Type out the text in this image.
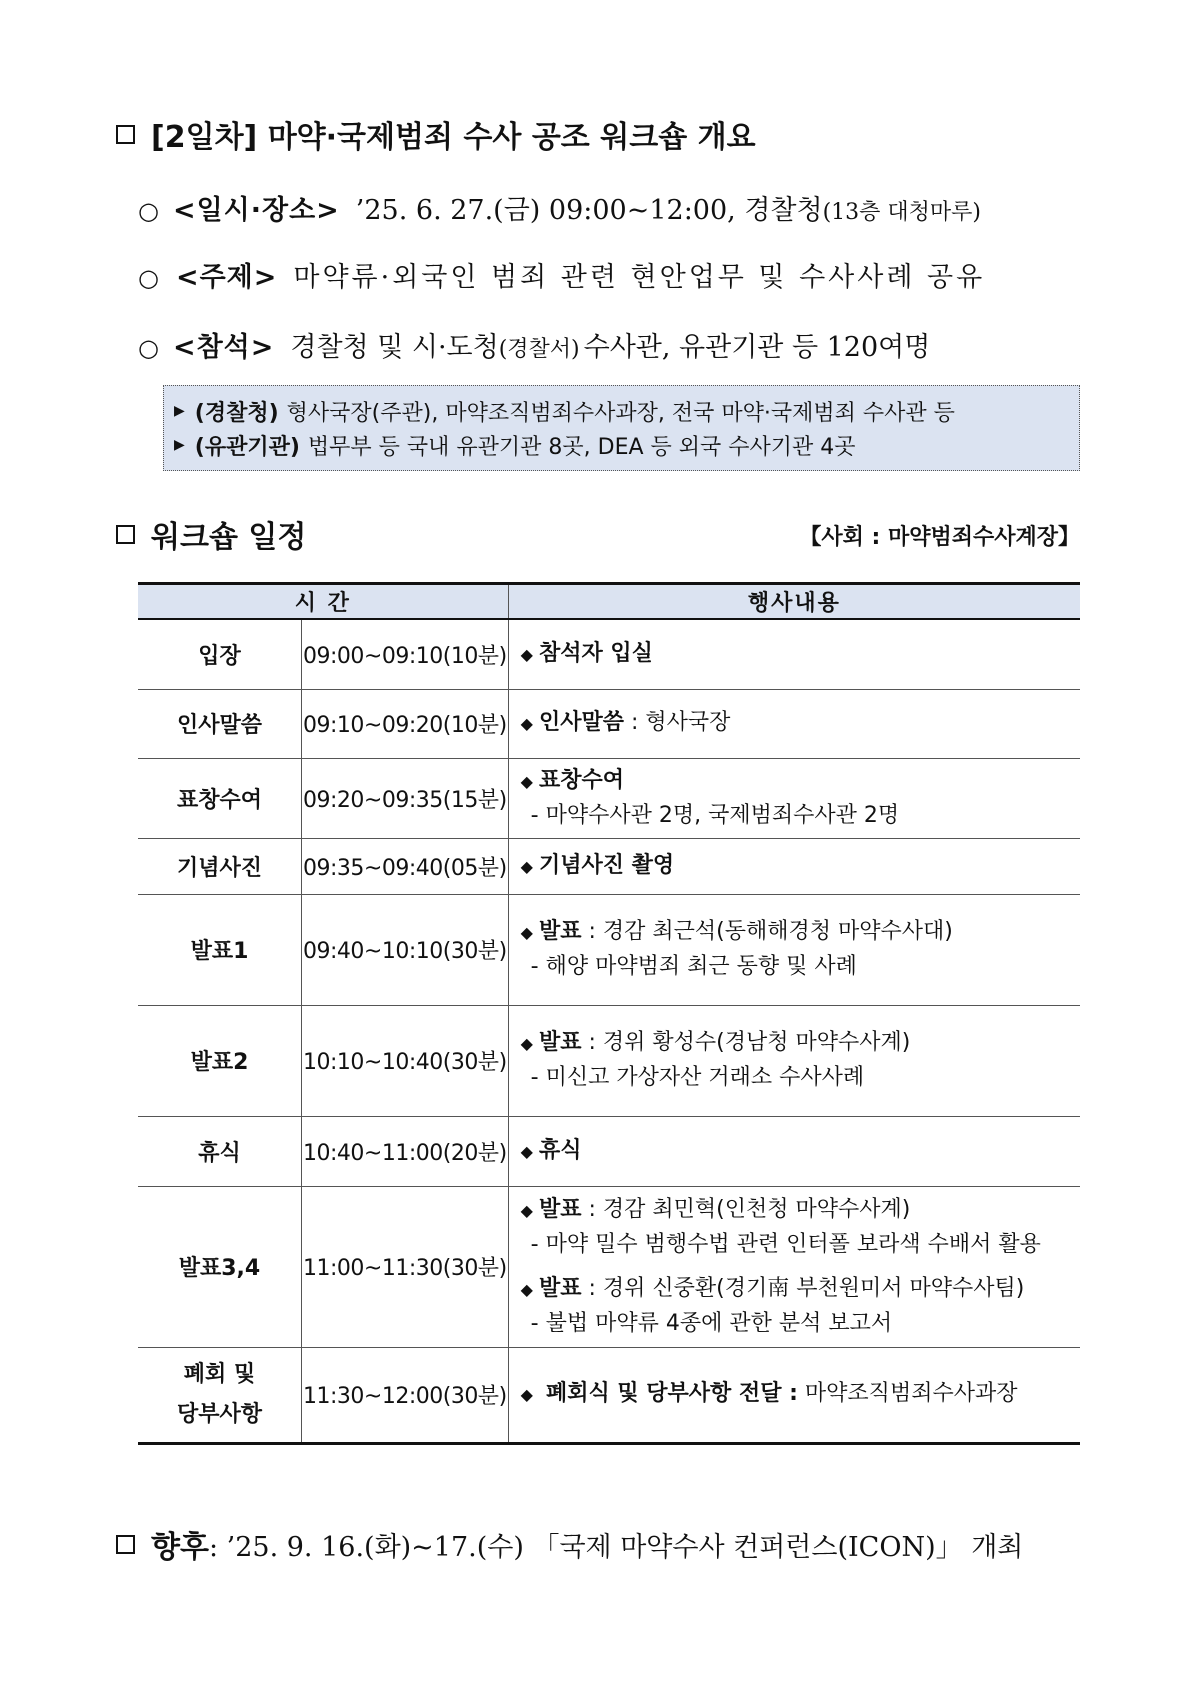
[2일차] 마약·국제범죄 수사 공조 워크숍 개요
○ <일시·장소> ’25. 6. 27.(금) 09:00~12:00, 경찰청 (13층 대청마루)
○ <주제> 마약류·외국인 범죄 관련 현안업무 및 수사사례 공유
○ <참석> 경찰청 및 시·도청 (경찰서) 수사관, 유관기관 등 120여명
▶ (경찰청) 형사국장(주관), 마약조직범죄수사과장, 전국 마약·국제범죄 수사관 등
▶ (유관기관) 법무부 등 국내 유관기관 8곳, DEA 등 외국 수사기관 4곳
워크숍 일정	【사회 : 마약범죄수사계장】
시 간		행사내용
입장	09:00~09:10(10분)	◆ 참석자 입실

인사말씀	09:10~09:20(10분)	◆ 인사말씀 : 형사국장

표창수여	09:20~09:35(15분)	◆ 표창수여
- 마약수사관 2명, 국제범죄수사관 2명

기념사진	09:35~09:40(05분)	◆ 기념사진 촬영

발표1	09:40~10:10(30분)	◆ 발표 : 경감 최근석(동해해경청 마약수사대)
- 해양 마약범죄 최근 동향 및 사례

발표2	10:10~10:40(30분)	◆ 발표 : 경위 황성수(경남청 마약수사계)
- 미신고 가상자산 거래소 수사사례

휴식	10:40~11:00(20분)	◆ 휴식

발표3,4	11:00~11:30(30분)	◆ 발표 : 경감 최민혁(인천청 마약수사계)
- 마약 밀수 범행수법 관련 인터폴 보라색 수배서 활용
◆ 발표 : 경위 신중환(경기南 부천원미서 마약수사팀)
- 불법 마약류 4종에 관한 분석 보고서

폐회 및
당부사항	11:30~12:00(30분)	◆ 폐회식 및 당부사항 전달 : 마약조직범죄수사과장
향후 : ’25. 9. 16.(화)~17.(수) 「국제 마약수사 컨퍼런스(ICON)」 개최
